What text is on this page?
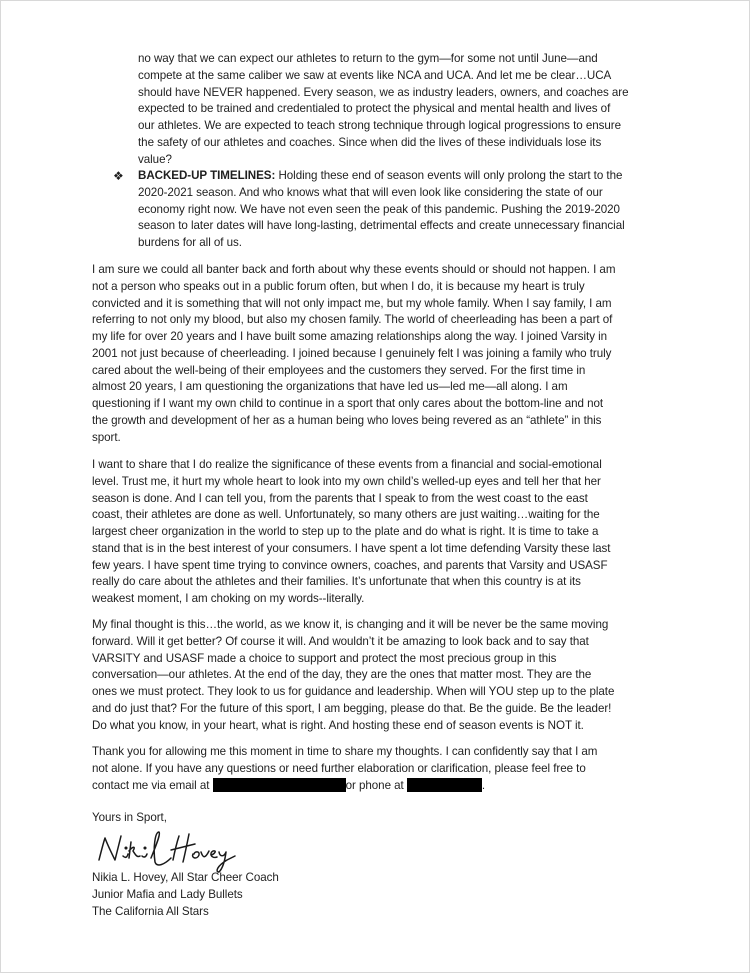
no way that we can expect our athletes to return to the gym—for some not until June—and
compete at the same caliber we saw at events like NCA and UCA. And let me be clear…UCA
should have NEVER happened. Every season, we as industry leaders, owners, and coaches are
expected to be trained and credentialed to protect the physical and mental health and lives of
our athletes. We are expected to teach strong technique through logical progressions to ensure
the safety of our athletes and coaches. Since when did the lives of these individuals lose its
value?
❖ BACKED-UP TIMELINES: Holding these end of season events will only prolong the start to the
2020-2021 season. And who knows what that will even look like considering the state of our
economy right now. We have not even seen the peak of this pandemic. Pushing the 2019-2020
season to later dates will have long-lasting, detrimental effects and create unnecessary financial
burdens for all of us.
I am sure we could all banter back and forth about why these events should or should not happen. I am
not a person who speaks out in a public forum often, but when I do, it is because my heart is truly
convicted and it is something that will not only impact me, but my whole family. When I say family, I am
referring to not only my blood, but also my chosen family. The world of cheerleading has been a part of
my life for over 20 years and I have built some amazing relationships along the way. I joined Varsity in
2001 not just because of cheerleading. I joined because I genuinely felt I was joining a family who truly
cared about the well-being of their employees and the customers they served. For the first time in
almost 20 years, I am questioning the organizations that have led us—led me—all along. I am
questioning if I want my own child to continue in a sport that only cares about the bottom-line and not
the growth and development of her as a human being who loves being revered as an “athlete” in this
sport.
I want to share that I do realize the significance of these events from a financial and social-emotional
level. Trust me, it hurt my whole heart to look into my own child’s welled-up eyes and tell her that her
season is done. And I can tell you, from the parents that I speak to from the west coast to the east
coast, their athletes are done as well. Unfortunately, so many others are just waiting…waiting for the
largest cheer organization in the world to step up to the plate and do what is right. It is time to take a
stand that is in the best interest of your consumers. I have spent a lot time defending Varsity these last
few years. I have spent time trying to convince owners, coaches, and parents that Varsity and USASF
really do care about the athletes and their families. It’s unfortunate that when this country is at its
weakest moment, I am choking on my words--literally.
My final thought is this…the world, as we know it, is changing and it will be never be the same moving
forward. Will it get better? Of course it will. And wouldn’t it be amazing to look back and to say that
VARSITY and USASF made a choice to support and protect the most precious group in this
conversation—our athletes. At the end of the day, they are the ones that matter most. They are the
ones we must protect. They look to us for guidance and leadership. When will YOU step up to the plate
and do just that? For the future of this sport, I am begging, please do that. Be the guide. Be the leader!
Do what you know, in your heart, what is right. And hosting these end of season events is NOT it.
Thank you for allowing me this moment in time to share my thoughts. I can confidently say that I am
not alone. If you have any questions or need further elaboration or clarification, please feel free to
contact me via email at	or phone at	.
Yours in Sport,
Nikia L. Hovey, All Star Cheer Coach
Junior Mafia and Lady Bullets
The California All Stars
